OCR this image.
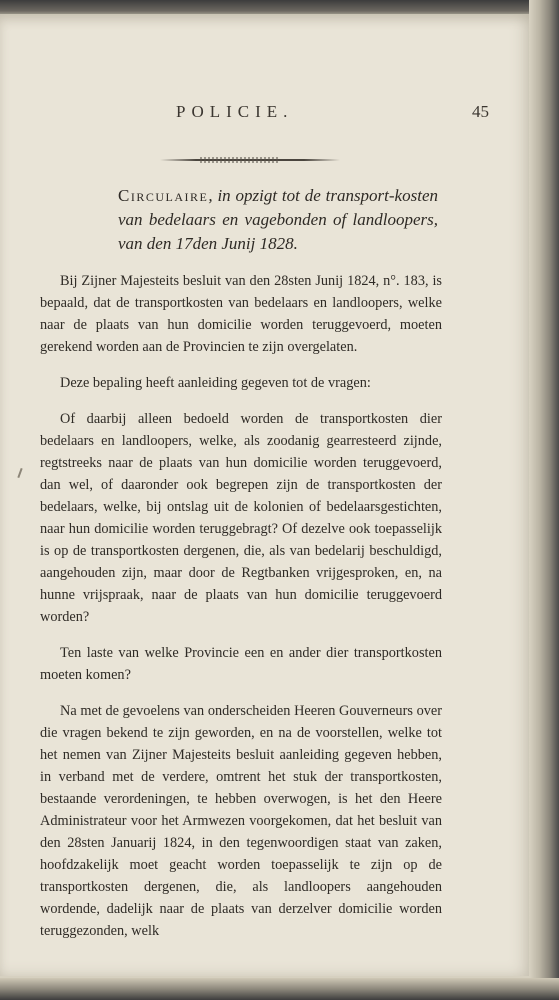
POLICIE.	45
Circulaire, in opzigt tot de transport-kosten van bedelaars en vagebonden of landloopers, van den 17den Junij 1828.

Bij Zijner Majesteits besluit van den 28sten Junij 1824, n°. 183, is bepaald, dat de transportkosten van bedelaars en landloopers, welke naar de plaats van hun domicilie worden teruggevoerd, moeten gerekend worden aan de Provincien te zijn overgelaten.

Deze bepaling heeft aanleiding gegeven tot de vragen:

Of daarbij alleen bedoeld worden de transportkosten dier bedelaars en landloopers, welke, als zoodanig gearresteerd zijnde, regtstreeks naar de plaats van hun domicilie worden teruggevoerd, dan wel, of daaronder ook begrepen zijn de transportkosten der bedelaars, welke, bij ontslag uit de kolonien of bedelaarsgestichten, naar hun domicilie worden teruggebragt? Of dezelve ook toepasselijk is op de transportkosten dergenen, die, als van bedelarij beschuldigd, aangehouden zijn, maar door de Regtbanken vrijgesproken, en, na hunne vrijspraak, naar de plaats van hun domicilie teruggevoerd worden?

Ten laste van welke Provincie een en ander dier transportkosten moeten komen?

Na met de gevoelens van onderscheiden Heeren Gouverneurs over die vragen bekend te zijn geworden, en na de voorstellen, welke tot het nemen van Zijner Majesteits besluit aanleiding gegeven hebben, in verband met de verdere, omtrent het stuk der transportkosten, bestaande verordeningen, te hebben overwogen, is het den Heere Administrateur voor het Armwezen voorgekomen, dat het besluit van den 28sten Januarij 1824, in den tegenwoordigen staat van zaken, hoofdzakelijk moet geacht worden toepasselijk te zijn op de transportkosten dergenen, die, als landloopers aangehouden wordende, dadelijk naar de plaats van derzelver domicilie worden teruggezonden, welk
